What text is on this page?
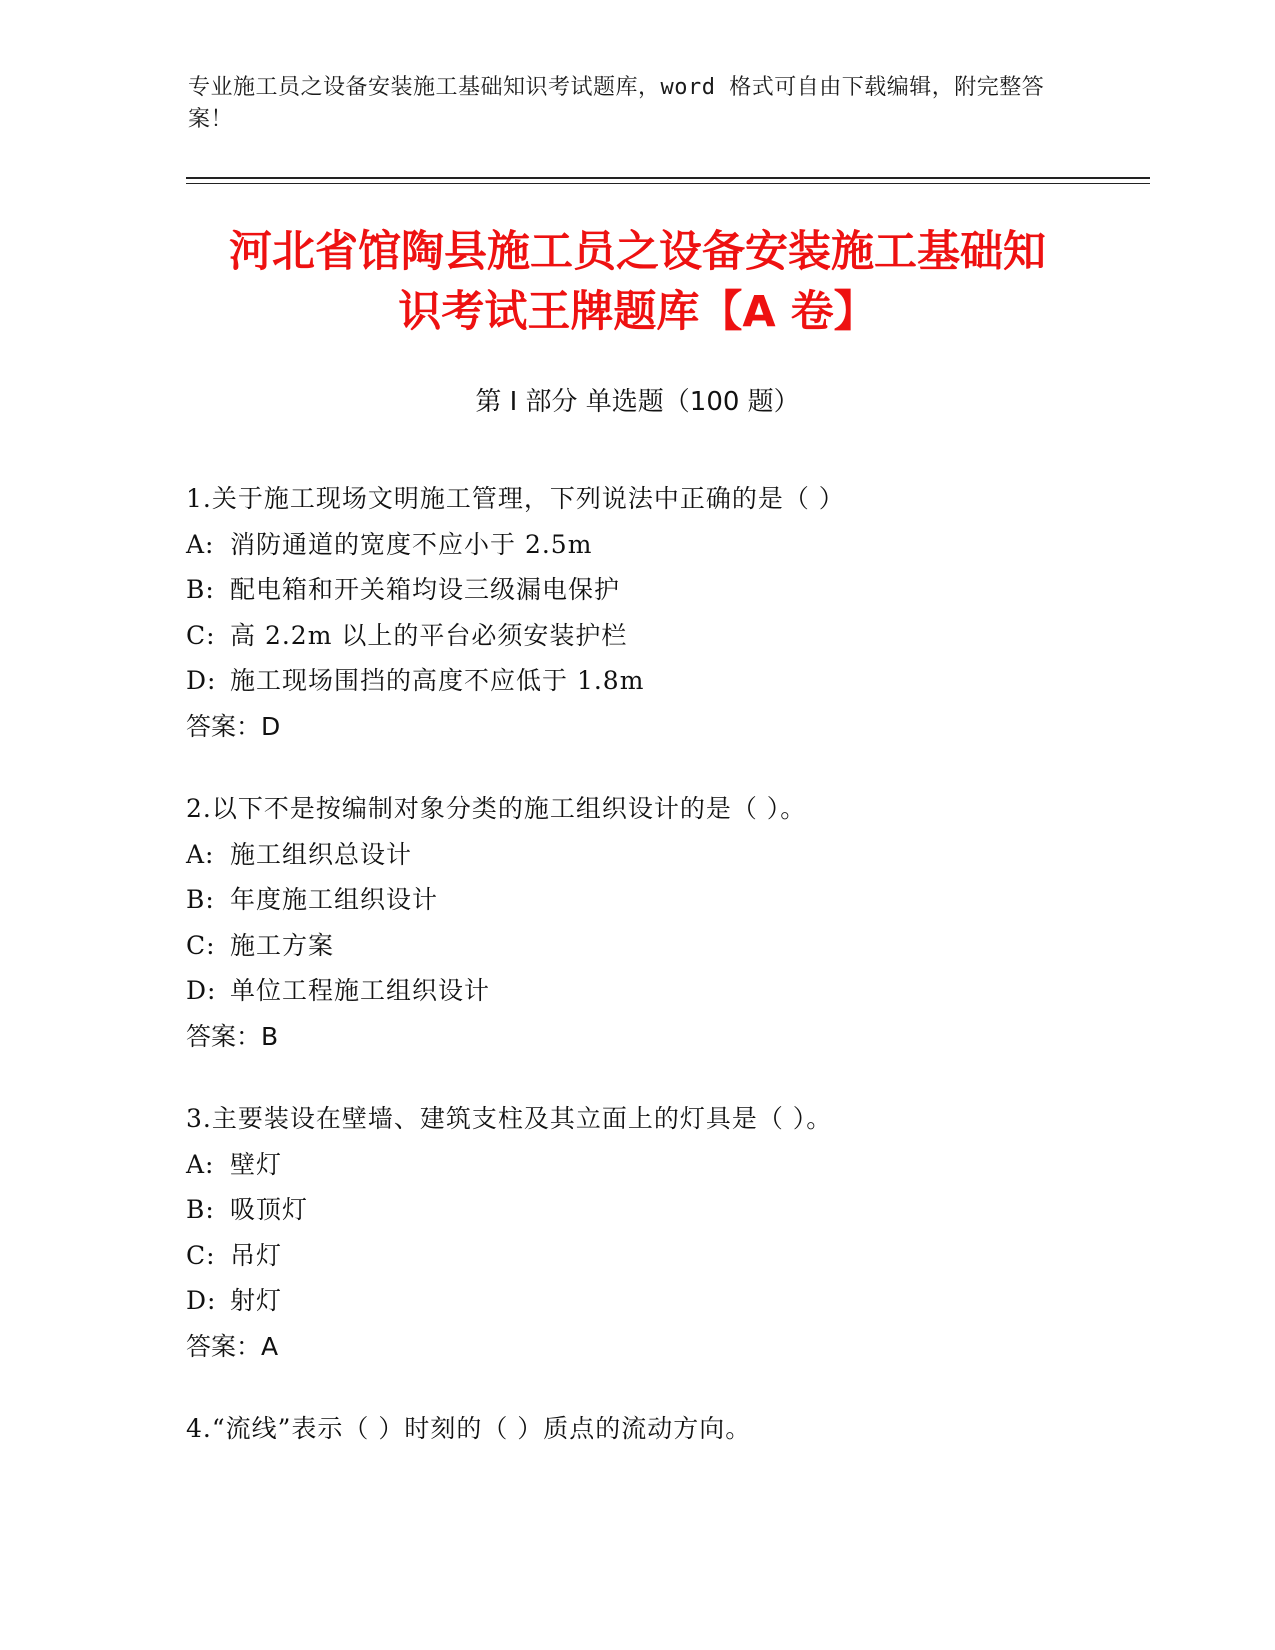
专业施工员之设备安装施工基础知识考试题库，word 格式可自由下载编辑，附完整答案！
河北省馆陶县施工员之设备安装施工基础知
识考试王牌题库【A 卷】
第 I 部分 单选题（100 题）
1.关于施工现场文明施工管理，下列说法中正确的是（ ）
A: 消防通道的宽度不应小于 2.5m
B: 配电箱和开关箱均设三级漏电保护
C: 高 2.2m 以上的平台必须安装护栏
D: 施工现场围挡的高度不应低于 1.8m
答案：D
2.以下不是按编制对象分类的施工组织设计的是（ ）。
A: 施工组织总设计
B: 年度施工组织设计
C: 施工方案
D: 单位工程施工组织设计
答案：B
3.主要装设在壁墙、建筑支柱及其立面上的灯具是（ ）。
A: 壁灯
B: 吸顶灯
C: 吊灯
D: 射灯
答案：A
4.“流线”表示（ ）时刻的（ ）质点的流动方向。
